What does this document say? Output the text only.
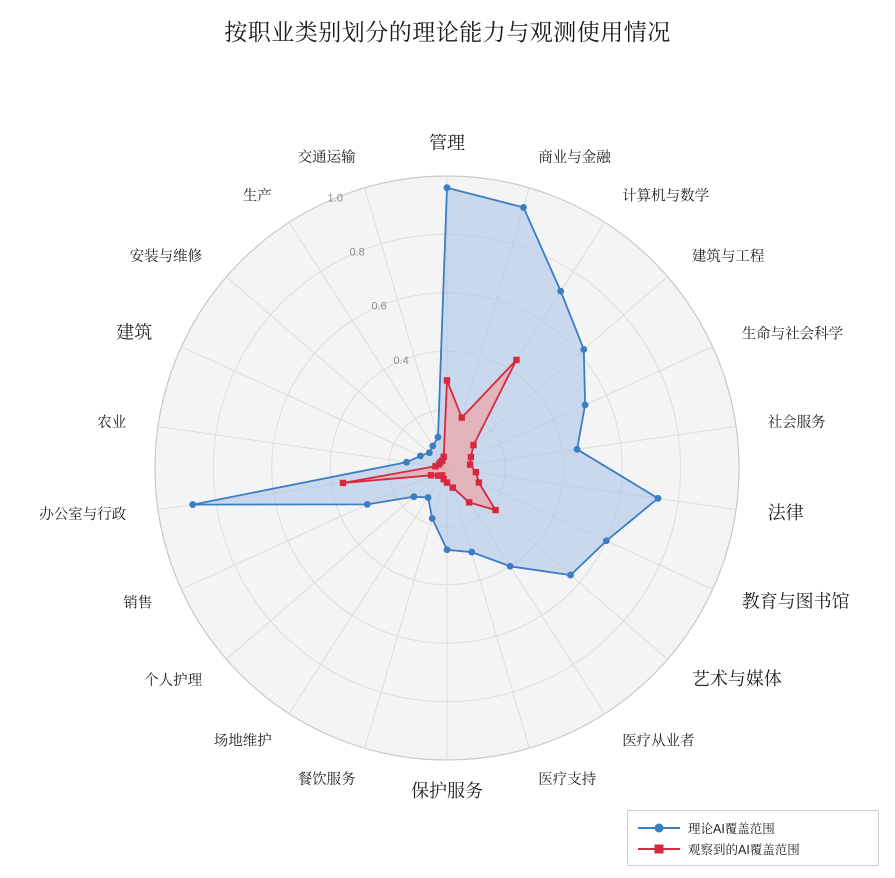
按职业类别划分的理论能力与观测使用情况
0.4
0.6
0.8
1.0
管理
商业与金融
计算机与数学
建筑与工程
生命与社会科学
社会服务
法律
教育与图书馆
艺术与媒体
医疗从业者
医疗支持
保护服务
餐饮服务
场地维护
个人护理
销售
办公室与行政
农业
建筑
安装与维修
生产
交通运输
理论AI覆盖范围
观察到的AI覆盖范围
